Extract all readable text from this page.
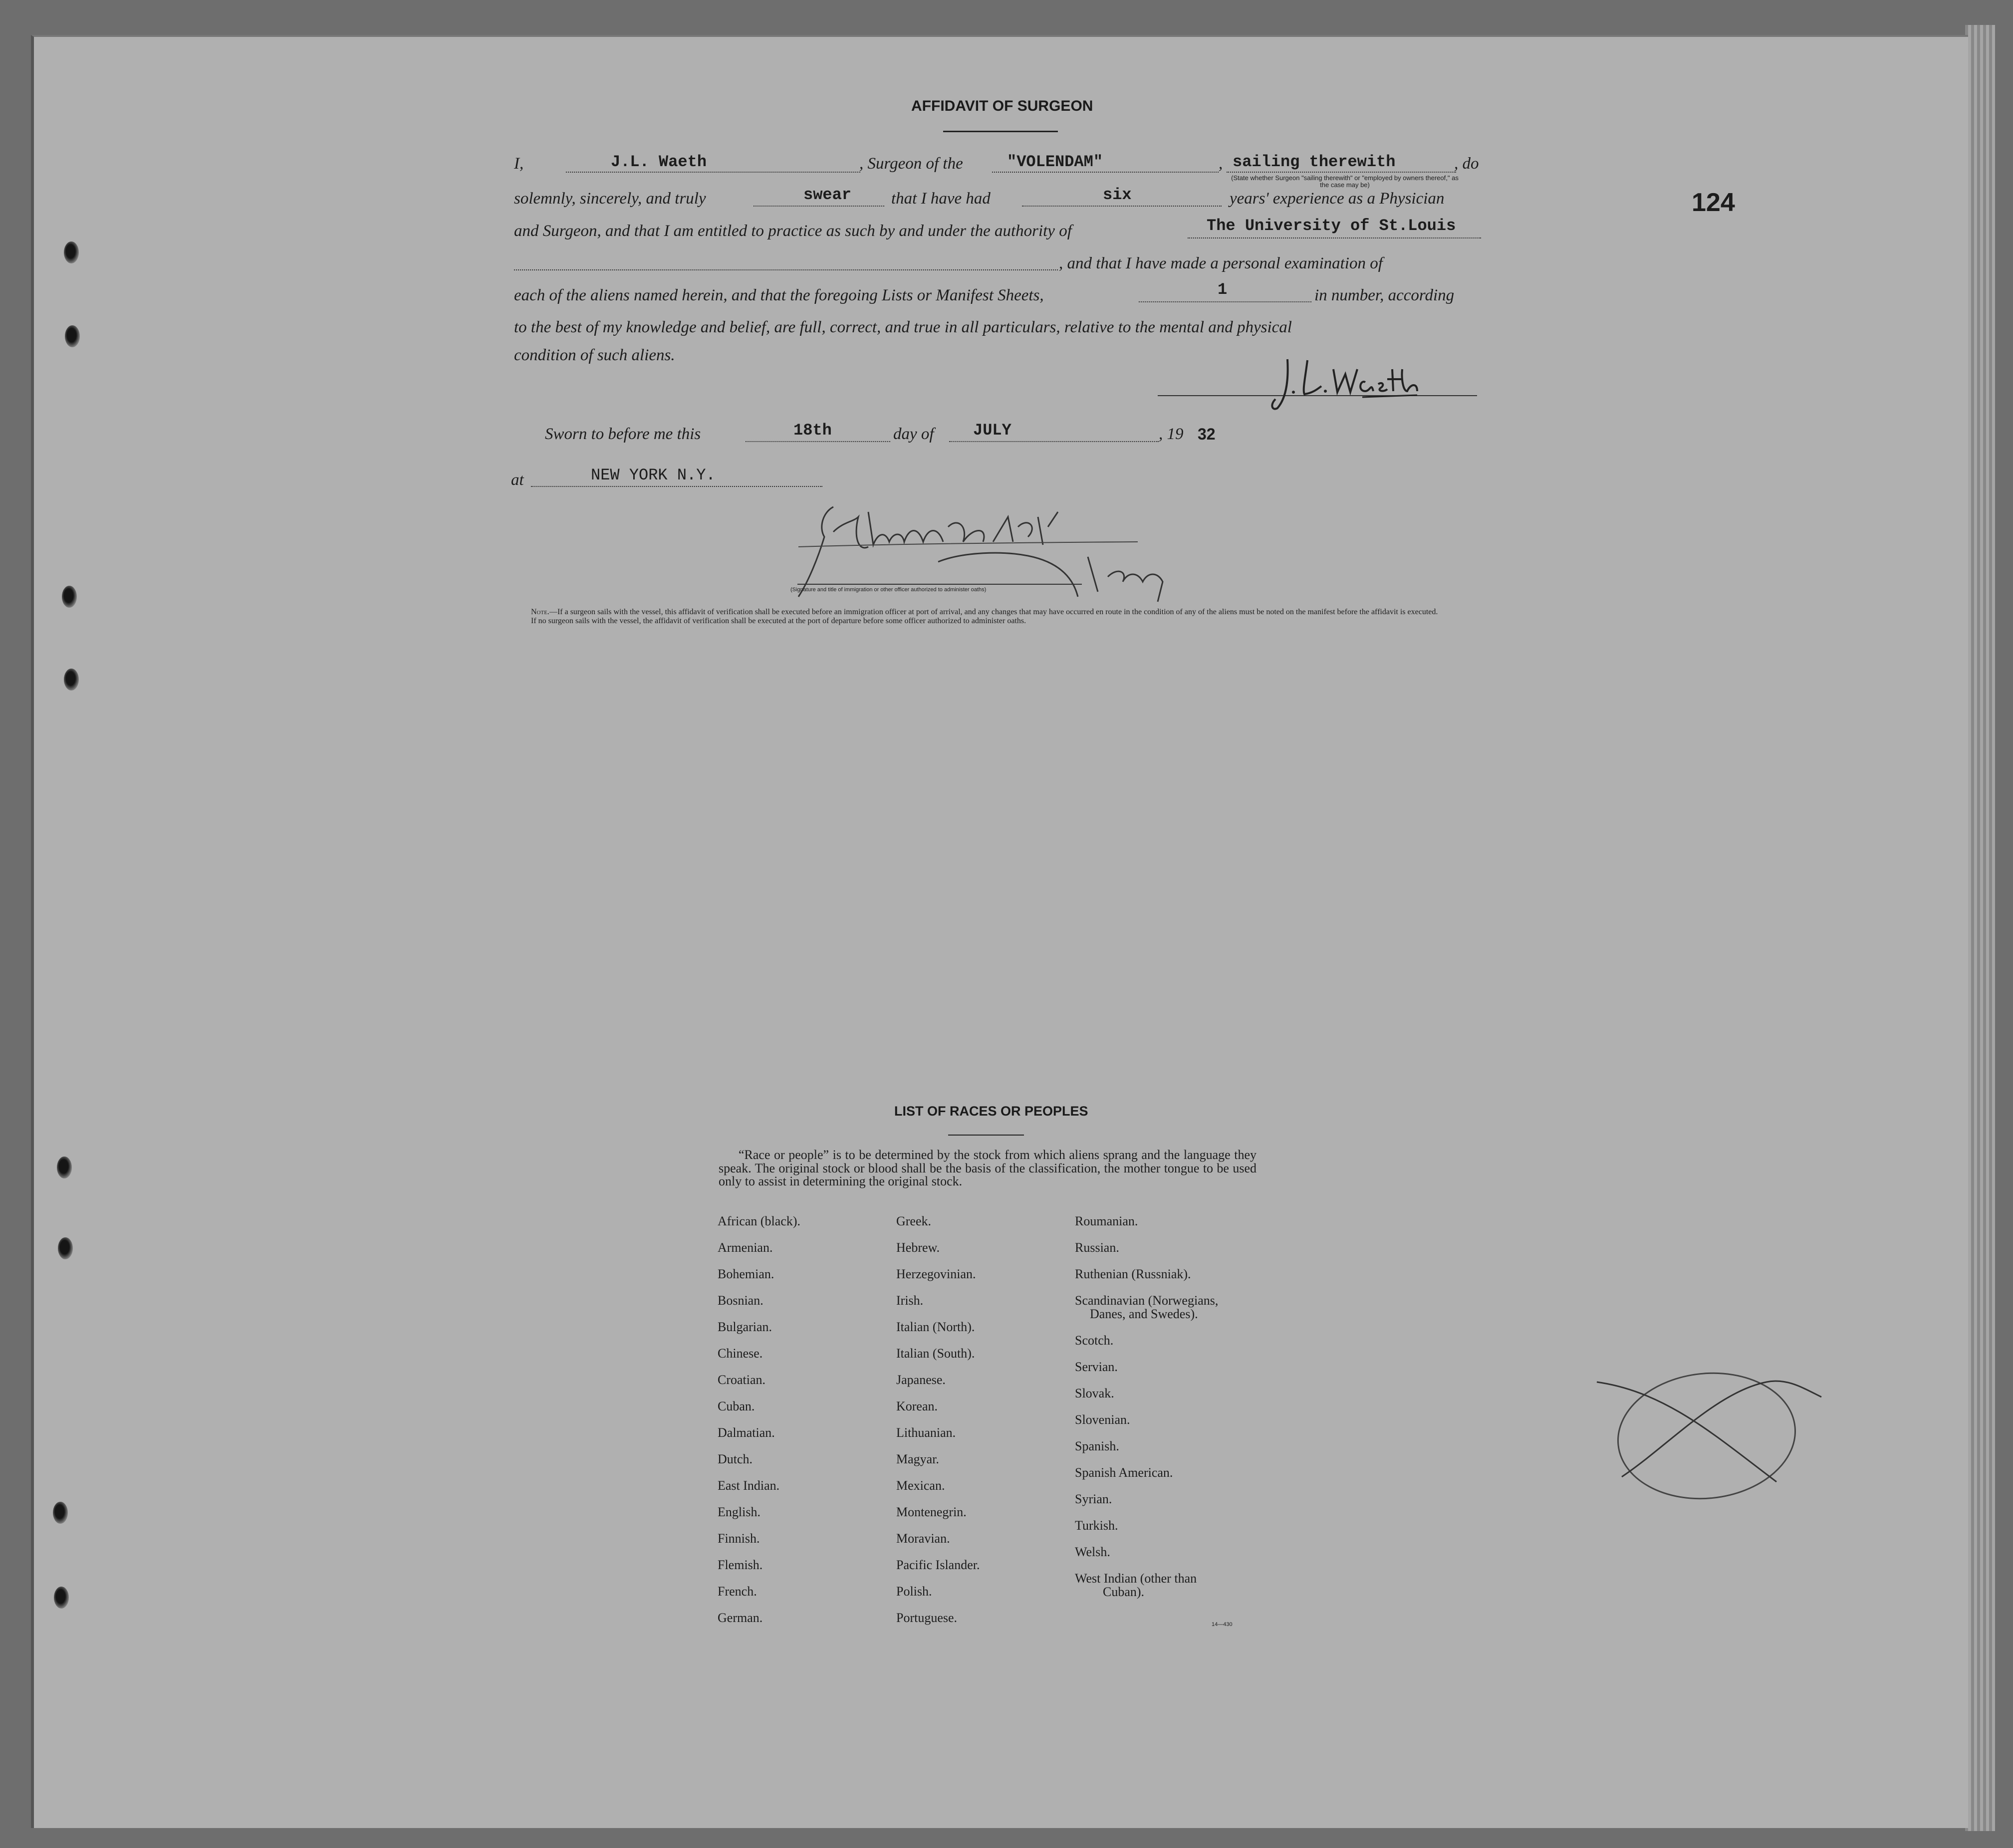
AFFIDAVIT OF SURGEON
I,	J.L. Waeth	, Surgeon of the	"VOLENDAM"	, sailing therewith	, do
(State whether Surgeon "sailing therewith" or "employed by owners thereof," as the case may be)
solemnly, sincerely, and truly	swear that I have had	six	years' experience as a Physician
and Surgeon, and that I am entitled to practice as such by and under the authority of	The University of St.Louis
, and that I have made a personal examination of
each of the aliens named herein, and that the foregoing Lists or Manifest Sheets,	1	in number, according
to the best of my knowledge and belief, are full, correct, and true in all particulars, relative to the mental and physical
condition of such aliens.
Sworn to before me this	18th	day of JULY	, 19 32
at	NEW YORK N.Y.
(Signature and title of immigration or other officer authorized to administer oaths)
Note.—If a surgeon sails with the vessel, this affidavit of verification shall be executed before an immigration officer at port of arrival, and any changes that may have occurred en route in the condition of any of the aliens must be noted on the manifest before the affidavit is executed.
If no surgeon sails with the vessel, the affidavit of verification shall be executed at the port of departure before some officer authorized to administer oaths.
124
LIST OF RACES OR PEOPLES
“Race or people” is to be determined by the stock from which aliens sprang and the language they speak. The original stock or blood shall be the basis of the classification, the mother tongue to be used only to assist in determining the original stock.
African (black).
Armenian.
Bohemian.
Bosnian.
Bulgarian.
Chinese.
Croatian.
Cuban.
Dalmatian.
Dutch.
East Indian.
English.
Finnish.
Flemish.
French.
German.
Greek.
Hebrew.
Herzegovinian.
Irish.
Italian (North).
Italian (South).
Japanese.
Korean.
Lithuanian.
Magyar.
Mexican.
Montenegrin.
Moravian.
Pacific Islander.
Polish.
Portuguese.
Roumanian.
Russian.
Ruthenian (Russniak).
Scandinavian (Norwegians,
Danes, and Swedes).
Scotch.
Servian.
Slovak.
Slovenian.
Spanish.
Spanish American.
Syrian.
Turkish.
Welsh.
West Indian (other than
Cuban).
14—430
